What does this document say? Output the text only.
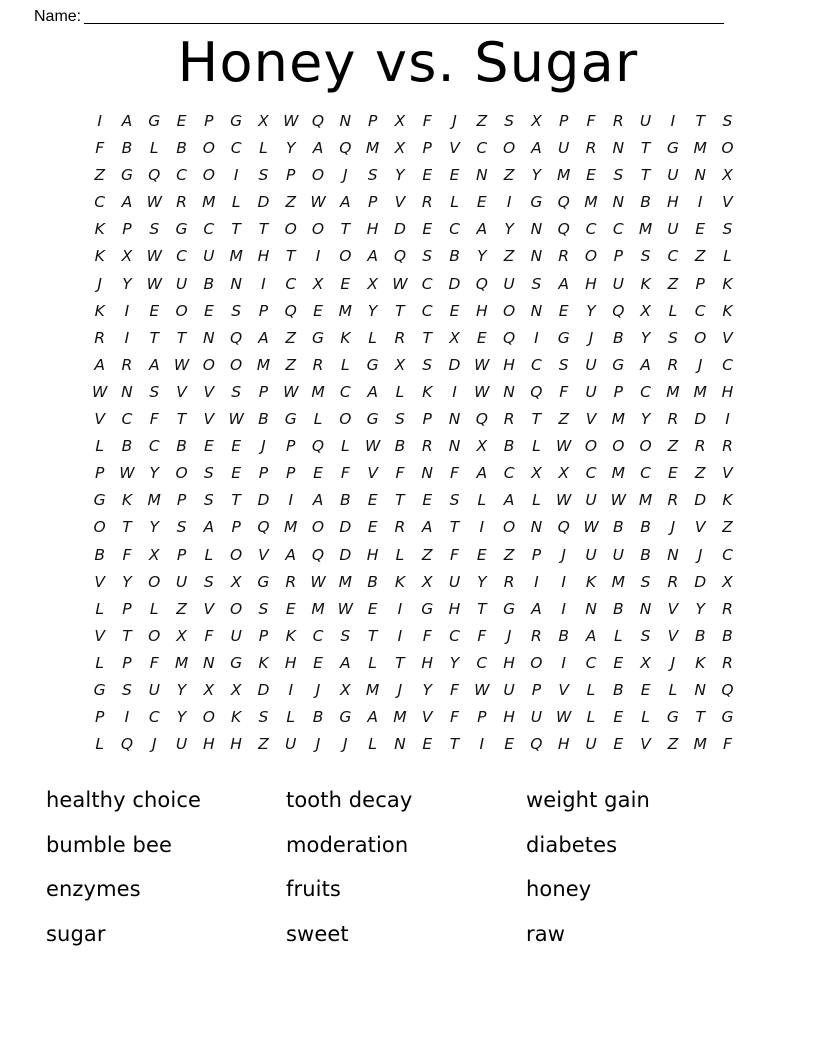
Name:
Honey vs. Sugar
I	A	G	E	P	G	X W Q N	P	X	F	J	Z	S	X	P	F	R	U	I	T	S
F	B	L	B	O	C	L	Y	A	Q M X	P	V	C	O	A	U	R	N	T	G M O
Z	G Q	C	O	I	S	P	O	J	S	Y	E	E	N	Z	Y	M	E	S	T	U	N	X
C	A W R M	L	D	Z W A	P	V	R	L	E	I	G Q M N	B	H	I	V
K	P	S	G	C	T	T	O O	T	H	D	E	C	A	Y	N Q	C	C M U	E	S
K	X W C	U M H	T	I	O	A	Q	S	B	Y	Z	N	R	O	P	S	C	Z	L
J	Y W U	B	N	I	C	X	E	X W C	D Q	U	S	A	H	U	K	Z	P	K
K	I	E	O	E	S	P	Q	E	M	Y	T	C	E	H O N	E	Y	Q	X	L	C	K
R	I	T	T	N Q	A	Z	G	K	L	R	T	X	E	Q	I	G	J	B	Y	S	O	V
A	R	A W O O M Z	R	L	G	X	S	D W H	C	S	U	G	A	R	J	C
W N	S	V	V	S	P W M C	A	L	K	I	W N Q	F	U	P	C M M H
V	C	F	T	V W B	G	L	O G	S	P	N Q	R	T	Z	V M	Y	R	D	I
L	B	C	B	E	E	J	P	Q	L W B	R	N	X	B	L W O O O	Z	R	R
P W Y	O	S	E	P	P	E	F	V	F	N	F	A	C	X	X	C M C	E	Z	V
G	K	M	P	S	T	D	I	A	B	E	T	E	S	L	A	L W U W M R	D	K
O	T	Y	S	A	P	Q M O D	E	R	A	T	I	O N Q W B	B	J	V	Z
B	F	X	P	L	O	V	A	Q D	H	L	Z	F	E	Z	P	J	U	U	B	N	J	C
V	Y	O	U	S	X	G	R W M B	K	X	U	Y	R	I	I	K	M	S	R	D	X
L	P	L	Z	V	O	S	E	M W E	I	G H	T	G	A	I	N	B	N	V	Y	R
V	T	O	X	F	U	P	K	C	S	T	I	F	C	F	J	R	B	A	L	S	V	B	B
L	P	F	M N G	K	H	E	A	L	T	H	Y	C	H O	I	C	E	X	J	K	R
G	S	U	Y	X	X	D	I	J	X M	J	Y	F W U	P	V	L	B	E	L	N Q
P	I	C	Y	O	K	S	L	B	G	A M V	F	P	H	U W L	E	L	G	T	G
L	Q	J	U	H	H	Z	U	J	J	L	N	E	T	I	E	Q H	U	E	V	Z M	F
healthy choice	tooth decay	weight gain
bumble bee	moderation	diabetes
enzymes	fruits	honey
sugar	sweet	raw
